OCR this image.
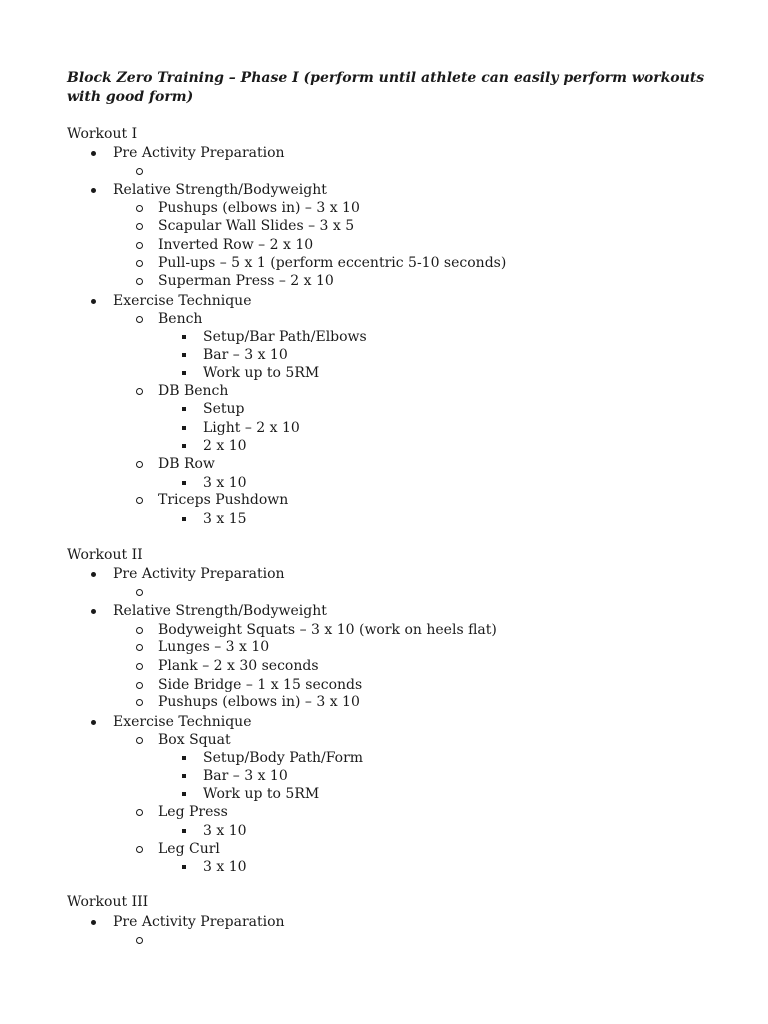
Block Zero Training – Phase I (perform until athlete can easily perform workouts with good form)
Workout I
Pre Activity Preparation
Relative Strength/Bodyweight
Pushups (elbows in) – 3 x 10
Scapular Wall Slides – 3 x 5
Inverted Row – 2 x 10
Pull-ups – 5 x 1 (perform eccentric 5-10 seconds)
Superman Press – 2 x 10
Exercise Technique
Bench
Setup/Bar Path/Elbows
Bar – 3 x 10
Work up to 5RM
DB Bench
Setup
Light – 2 x 10
2 x 10
DB Row
3 x 10
Triceps Pushdown
3 x 15
Workout II
Pre Activity Preparation
Relative Strength/Bodyweight
Bodyweight Squats – 3 x 10 (work on heels flat)
Lunges – 3 x 10
Plank – 2 x 30 seconds
Side Bridge – 1 x 15 seconds
Pushups (elbows in) – 3 x 10
Exercise Technique
Box Squat
Setup/Body Path/Form
Bar – 3 x 10
Work up to 5RM
Leg Press
3 x 10
Leg Curl
3 x 10
Workout III
Pre Activity Preparation
